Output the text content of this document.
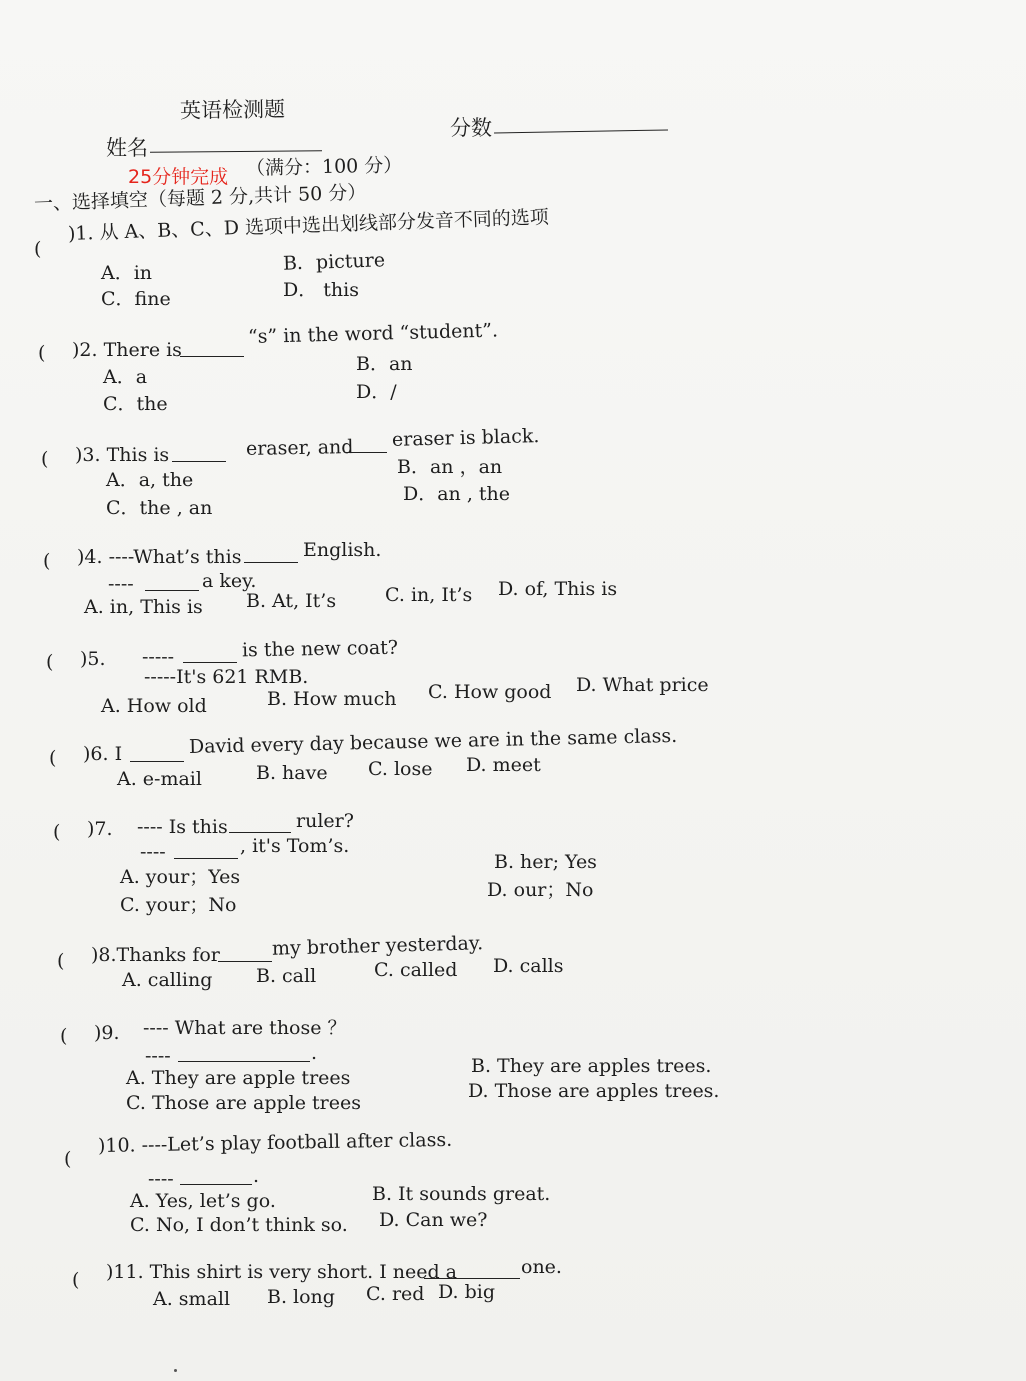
英语检测题
姓名
分数
25分钟完成 （满分：100 分）
一、选择填空（每题 2 分,共计 50 分）
(
)1. 从 A、B、C、D 选项中选出划线部分发音不同的选项
A．in	B．picture
C．fine	D． this
( )2. There is
“s” in the word “student”.
A．a
B．an
C．the
D．/
( )3. This is	eraser, and eraser is black.
A．a, the
B．an ，an
C．the , an
D．an , the
( )4. ----What’s this	English.
----	a key.
A. in, This is B. At, It’s	C. in, It’s D. of, This is
( )5. -----	is the new coat?
-----It's 621 RMB.
A. How old	B. How much C. How good D. What price
( )6. I	David every day because we are in the same class.
A. e-mail	B. have C. lose D. meet
( )7. ---- Is this	ruler?
----	, it's Tom’s.
A. your；Yes
B. her; Yes
C. your；No
D. our；No
( )8.Thanks for	my brother yesterday.
A. calling B. call	C. called D. calls
( )9. ---- What are those ？
----	.
A. They are apple trees
B. They are apples trees.
C. Those are apple trees
D. Those are apples trees.
(
)10. ----Let’s play football after class.
----	.
A. Yes, let’s go.	B. It sounds great.
C. No, I don’t think so. D. Can we?
( )11. This shirt is very short. I need a	one.
A. small B. long C. red D. big
